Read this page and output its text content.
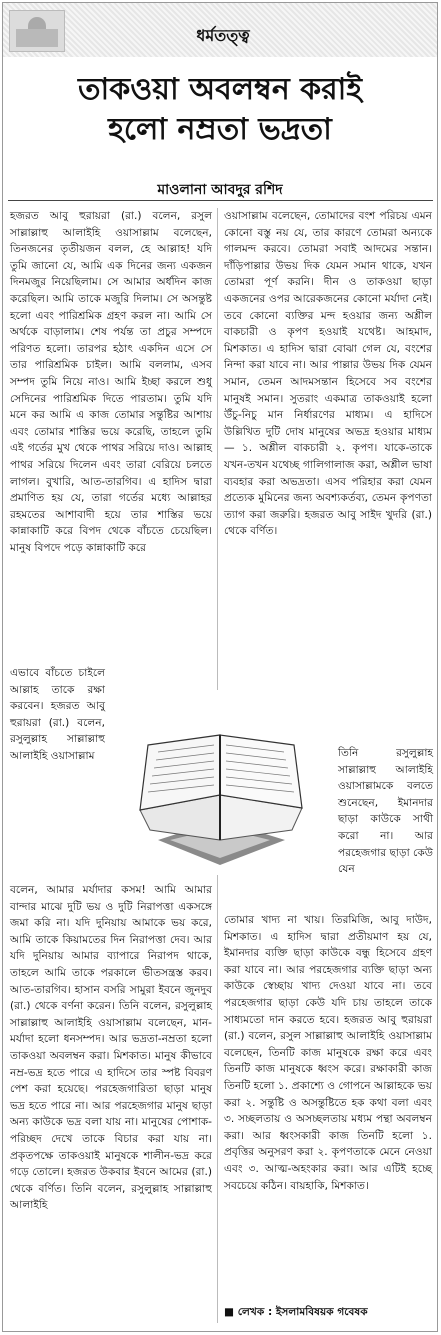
ধর্মতত্ত্ব
তাকওয়া অবলম্বন করাই
হলো নম্রতা ভদ্রতা
মাওলানা আবদুর রশিদ

হজরত আবু হুরায়রা (রা.) বলেন, রসুল সাল্লাল্লাহু আলাইহি ওয়াসাল্লাম বলেছেন, তিনজনের তৃতীয়জন বলল, হে আল্লাহ! যদি তুমি জানো যে, আমি এক দিনের জন্য একজন দিনমজুর নিয়েছিলাম। সে আমার অর্ধদিন কাজ করেছিল। আমি তাকে মজুরি দিলাম। সে অসন্তুষ্ট হলো এবং পারিশ্রমিক গ্রহণ করল না। আমি সে অর্থকে বাড়ালাম। শেষ পর্যন্ত তা প্রচুর সম্পদে পরিণত হলো। তারপর হঠাৎ একদিন এসে সে তার পারিশ্রমিক চাইল। আমি বললাম, এসব সম্পদ তুমি নিয়ে নাও। আমি ইচ্ছা করলে শুধু সেদিনের পারিশ্রমিক দিতে পারতাম। তুমি যদি মনে কর আমি এ কাজ তোমার সন্তুষ্টির আশায় এবং তোমার শাস্তির ভয়ে করেছি, তাহলে তুমি এই গর্তের মুখ থেকে পাথর সরিয়ে দাও। আল্লাহ পাথর সরিয়ে দিলেন এবং তারা বেরিয়ে চলতে লাগল। বুখারি, আত-তারগিব। এ হাদিস দ্বারা প্রমাণিত হয় যে, তারা গর্তের মধ্যে আল্লাহর রহমতের আশাবাদী হয়ে তার শাস্তির ভয়ে কান্নাকাটি করে বিপদ থেকে বাঁচতে চেয়েছিল। মানুষ বিপদে পড়ে কান্নাকাটি করে

ওয়াসাল্লাম বলেছেন, তোমাদের বংশ পরিচয় এমন কোনো বস্তু নয় যে, তার কারণে তোমরা অন্যকে গালমন্দ করবে। তোমরা সবাই আদমের সন্তান। দাঁড়িপাল্লার উভয় দিক যেমন সমান থাকে, যখন তোমরা পূর্ণ করনি। দীন ও তাকওয়া ছাড়া একজনের ওপর আরেকজনের কোনো মর্যাদা নেই। তবে কোনো ব্যক্তির মন্দ হওয়ার জন্য অশ্লীল বাকচারী ও কৃপণ হওয়াই যথেষ্ট। আহমাদ, মিশকাত। এ হাদিস দ্বারা বোঝা গেল যে, বংশের নিন্দা করা যাবে না। আর পাল্লার উভয় দিক যেমন সমান, তেমন আদমসন্তান হিসেবে সব বংশের মানুষই সমান। সুতরাং একমাত্র তাকওয়াই হলো উঁচু-নিচু মান নির্ধারণের মাধ্যম। এ হাদিসে উল্লিখিত দুটি দোষ মানুষের অভদ্র হওয়ার মাধ্যম— ১. অশ্লীল বাকচারী ২. কৃপণ। যাকে-তাকে যখন-তখন যথেচ্ছ গালিগালাজ করা, অশ্লীল ভাষা ব্যবহার করা অভদ্রতা। এসব পরিহার করা যেমন প্রত্যেক মুমিনের জন্য অবশ্যকর্তব্য, তেমন কৃপণতা ত্যাগ করা জরুরি। হজরত আবু সাইদ খুদরি (রা.) থেকে বর্ণিত।

এভাবে বাঁচতে চাইলে আল্লাহ তাকে রক্ষা করবেন। হজরত আবু হুরায়রা (রা.) বলেন, রসুলুল্লাহ সাল্লাল্লাহু আলাইহি ওয়াসাল্লাম	তিনি রসুলুল্লাহ সাল্লাল্লাহু আলাইহি ওয়াসাল্লামকে বলতে শুনেছেন, ইমানদার ছাড়া কাউকে সাথী করো না। আর পরহেজগার ছাড়া কেউ যেন

বলেন, আমার মর্যাদার কসম! আমি আমার বান্দার মাঝে দুটি ভয় ও দুটি নিরাপত্তা একসঙ্গে জমা করি না। যদি দুনিয়ায় আমাকে ভয় করে, আমি তাকে কিয়ামতের দিন নিরাপত্তা দেব। আর যদি দুনিয়ায় আমার ব্যাপারে নিরাপদ থাকে, তাহলে আমি তাকে পরকালে ভীতসন্ত্রস্ত করব। আত-তারগিব। হাসান বসরি সামুরা ইবনে জুনদুব (রা.) থেকে বর্ণনা করেন। তিনি বলেন, রসুলুল্লাহ সাল্লাল্লাহু আলাইহি ওয়াসাল্লাম বলেছেন, মান-মর্যাদা হলো ধনসম্পদ। আর ভদ্রতা-নম্রতা হলো তাকওয়া অবলম্বন করা। মিশকাত। মানুষ কীভাবে নম্র-ভদ্র হতে পারে এ হাদিসে তার স্পষ্ট বিবরণ পেশ করা হয়েছে। পরহেজগারিতা ছাড়া মানুষ ভদ্র হতে পারে না। আর পরহেজগার মানুষ ছাড়া অন্য কাউকে ভদ্র বলা যায় না। মানুষের পোশাক-পরিচ্ছদ দেখে তাকে বিচার করা যায় না। প্রকৃতপক্ষে তাকওয়াই মানুষকে শালীন-ভদ্র করে গড়ে তোলে। হজরত উকবার ইবনে আমের (রা.) থেকে বর্ণিত। তিনি বলেন, রসুলুল্লাহ সাল্লাল্লাহু আলাইহি

তোমার খাদ্য না খায়। তিরমিজি, আবু দাউদ, মিশকাত। এ হাদিস দ্বারা প্রতীয়মাণ হয় যে, ইমানদার ব্যক্তি ছাড়া কাউকে বন্ধু হিসেবে গ্রহণ করা যাবে না। আর পরহেজগার ব্যক্তি ছাড়া অন্য কাউকে স্বেচ্ছায় খাদ্য দেওয়া যাবে না। তবে পরহেজগার ছাড়া কেউ যদি চায় তাহলে তাকে সাধ্যমতো দান করতে হবে। হজরত আবু হুরায়রা (রা.) বলেন, রসুল সাল্লাল্লাহু আলাইহি ওয়াসাল্লাম বলেছেন, তিনটি কাজ মানুষকে রক্ষা করে এবং তিনটি কাজ মানুষকে ধ্বংস করে। রক্ষাকারী কাজ তিনটি হলো ১. প্রকাশ্যে ও গোপনে আল্লাহকে ভয় করা ২. সন্তুষ্টি ও অসন্তুষ্টিতে হক কথা বলা এবং ৩. সচ্ছলতায় ও অসচ্ছলতায় মধ্যম পন্থা অবলম্বন করা। আর ধ্বংসকারী কাজ তিনটি হলো ১. প্রবৃত্তির অনুসরণ করা ২. কৃপণতাকে মেনে নেওয়া এবং ৩. আত্ম-অহংকার করা। আর এটিই হচ্ছে সবচেয়ে কঠিন। বায়হাকি, মিশকাত।

■ লেখক : ইসলামবিষয়ক গবেষক
